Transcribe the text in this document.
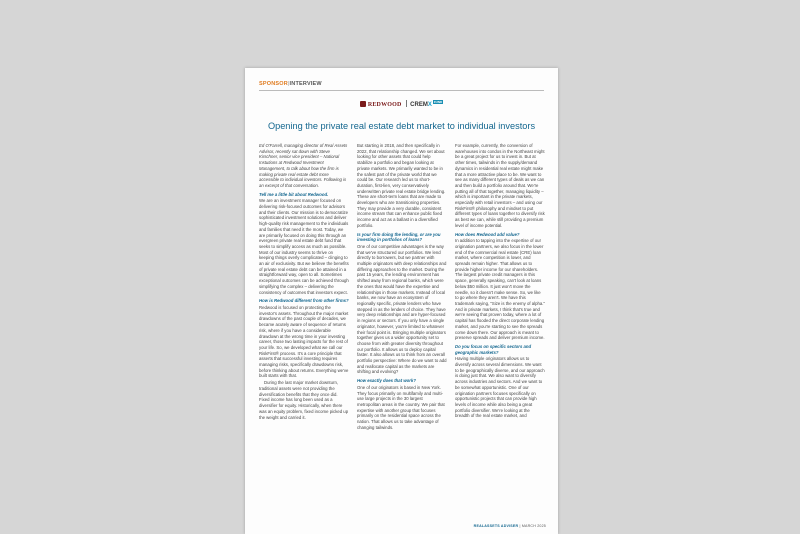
SPONSOR|INTERVIEW
REDWOOD CREMX FUND
Opening the private real estate debt market to individual investors

Ed O'Farrell, managing director of Real Assets Advisor, recently sat down with Steve Kirschner, senior vice president – National Instutions at Redwood Investment Management, to talk about how the firm is making private real estate debt more accessible to individual investors. Following is an excerpt of that conversation.

Tell me a little bit about Redwood.

We are an investment manager focused on delivering risk-focused outcomes for advisors and their clients. Our mission is to democratize sophisticated investment solutions and deliver high-quality risk management to the individuals and families that need it the most. Today, we are primarily focused on doing this through an evergreen private real estate debt fund that seeks to simplify access as much as possible. Most of our industry seems to thrive on keeping things overly complicated – clinging to an air of exclusivity. But we believe the benefits of private real estate debt can be attained in a straightforward way, open to all. Sometimes exceptional outcomes can be achieved through simplifying the complex – delivering the consistency of outcomes that investors expect.

How is Redwood different from other firms?

Redwood is focused on protecting the investor's assets. Throughout the major market drawdowns of the past couple of decades, we became acutely aware of sequence of returns risk, where if you have a considerable drawdown at the wrong time in your investing career, those two lasting impacts for the rest of your life. So, we developed what we call our RiskFirst® process. It's a core principle that asserts that successful investing requires managing risks, specifically drawdowns risk, before thinking about returns. Everything we've built starts with that.

During the last major market downturn, traditional assets were not providing the diversification benefits that they once did. Fixed income has long been used as a diversifier for equity. Historically, when there was an equity problem, fixed income picked up the weight and carried it.

But starting in 2018, and then specifically in 2022, that relationship changed. We set about looking for other assets that could help stabilize a portfolio and began looking at private markets. We primarily wanted to be in the safest part of the private world that we could be. Our research led us to short-duration, first-lien, very conservatively underwritten private real estate bridge lending. These are short-term loans that are made to developers who are transitioning properties. They may provide a very durable, consistent income stream that can enhance public fixed income and act as a ballast in a diversified portfolio.

Is your firm doing the lending, or are you investing in portfolios of loans?

One of our competitive advantages is the way that we've structured our portfolios. We lend directly to borrowers, but we partner with multiple originators with deep relationships and differing approaches to the market. During the past 15 years, the lending environment has shifted away from regional banks, which were the ones that would have the expertise and relationships in those markets. Instead of local banks, we now have an ecosystem of regionally specific, private lenders who have stepped in as the lenders of choice. They have very deep relationships and are hyper-focused in regions or sectors. If you only have a single originator, however, you're limited to whatever their focal point is. Bringing multiple originators together gives us a wider opportunity set to choose from with greater diversity throughout our portfolio. It allows us to deploy capital faster. It also allows us to think from an overall portfolio perspective: Where do we want to add and reallocate capital as the markets are shifting and evolving?

How exactly does that work?

One of our originators is based in New York. They focus primarily on multifamily and multi-use large projects in the 30 largest metropolitan areas in the country. We pair that expertise with another group that focuses primarily on the residential space across the nation. That allows us to take advantage of changing tailwinds.

For example, currently, the conversion of warehouses into condos in the Northeast might be a great project for us to invest in. But at other times, tailwinds in the supply/demand dynamics in residential real estate might make that a more attractive place to be. We want to see as many different types of deals as we can and then build a portfolio around that. We're putting all of that together, managing liquidity – which is important in the private markets, especially with retail investors – and using our RiskFirst® philosophy and mindset to put different types of loans together to diversify risk as best we can, while still providing a premium level of income potential.

How does Redwood add value?

In addition to tapping into the expertise of our origination partners, we also focus in the lower end of the commercial real estate (CRE) loan market, where competition is lower, and spreads remain higher. That allows us to provide higher income for our shareholders. The largest private credit managers in this space, generally speaking, can't look at loans below $50 million. It just won't move the needle, so it doesn't make sense. So, we like to go where they aren't. We have this trademark saying, "Size is the enemy of alpha." And in private markets, I think that's true and we're seeing that proven today, where a lot of capital has flooded the direct corporate lending market, and you're starting to see the spreads come down there. Our approach is meant to preserve spreads and deliver premium income.

Do you focus on specific sectors and geographic markets?

Having multiple originators allows us to diversify across several dimensions. We want to be geographically diverse, and our approach is doing just that. We also want to diversify across industries and sectors. And we want to be somewhat opportunistic. One of our origination partners focuses specifically on opportunistic projects that can provide high levels of income while also being a great portfolio diversifier. We're looking at the breadth of the real estate market, and

REALASSETS ADVISER | MARCH 2025
